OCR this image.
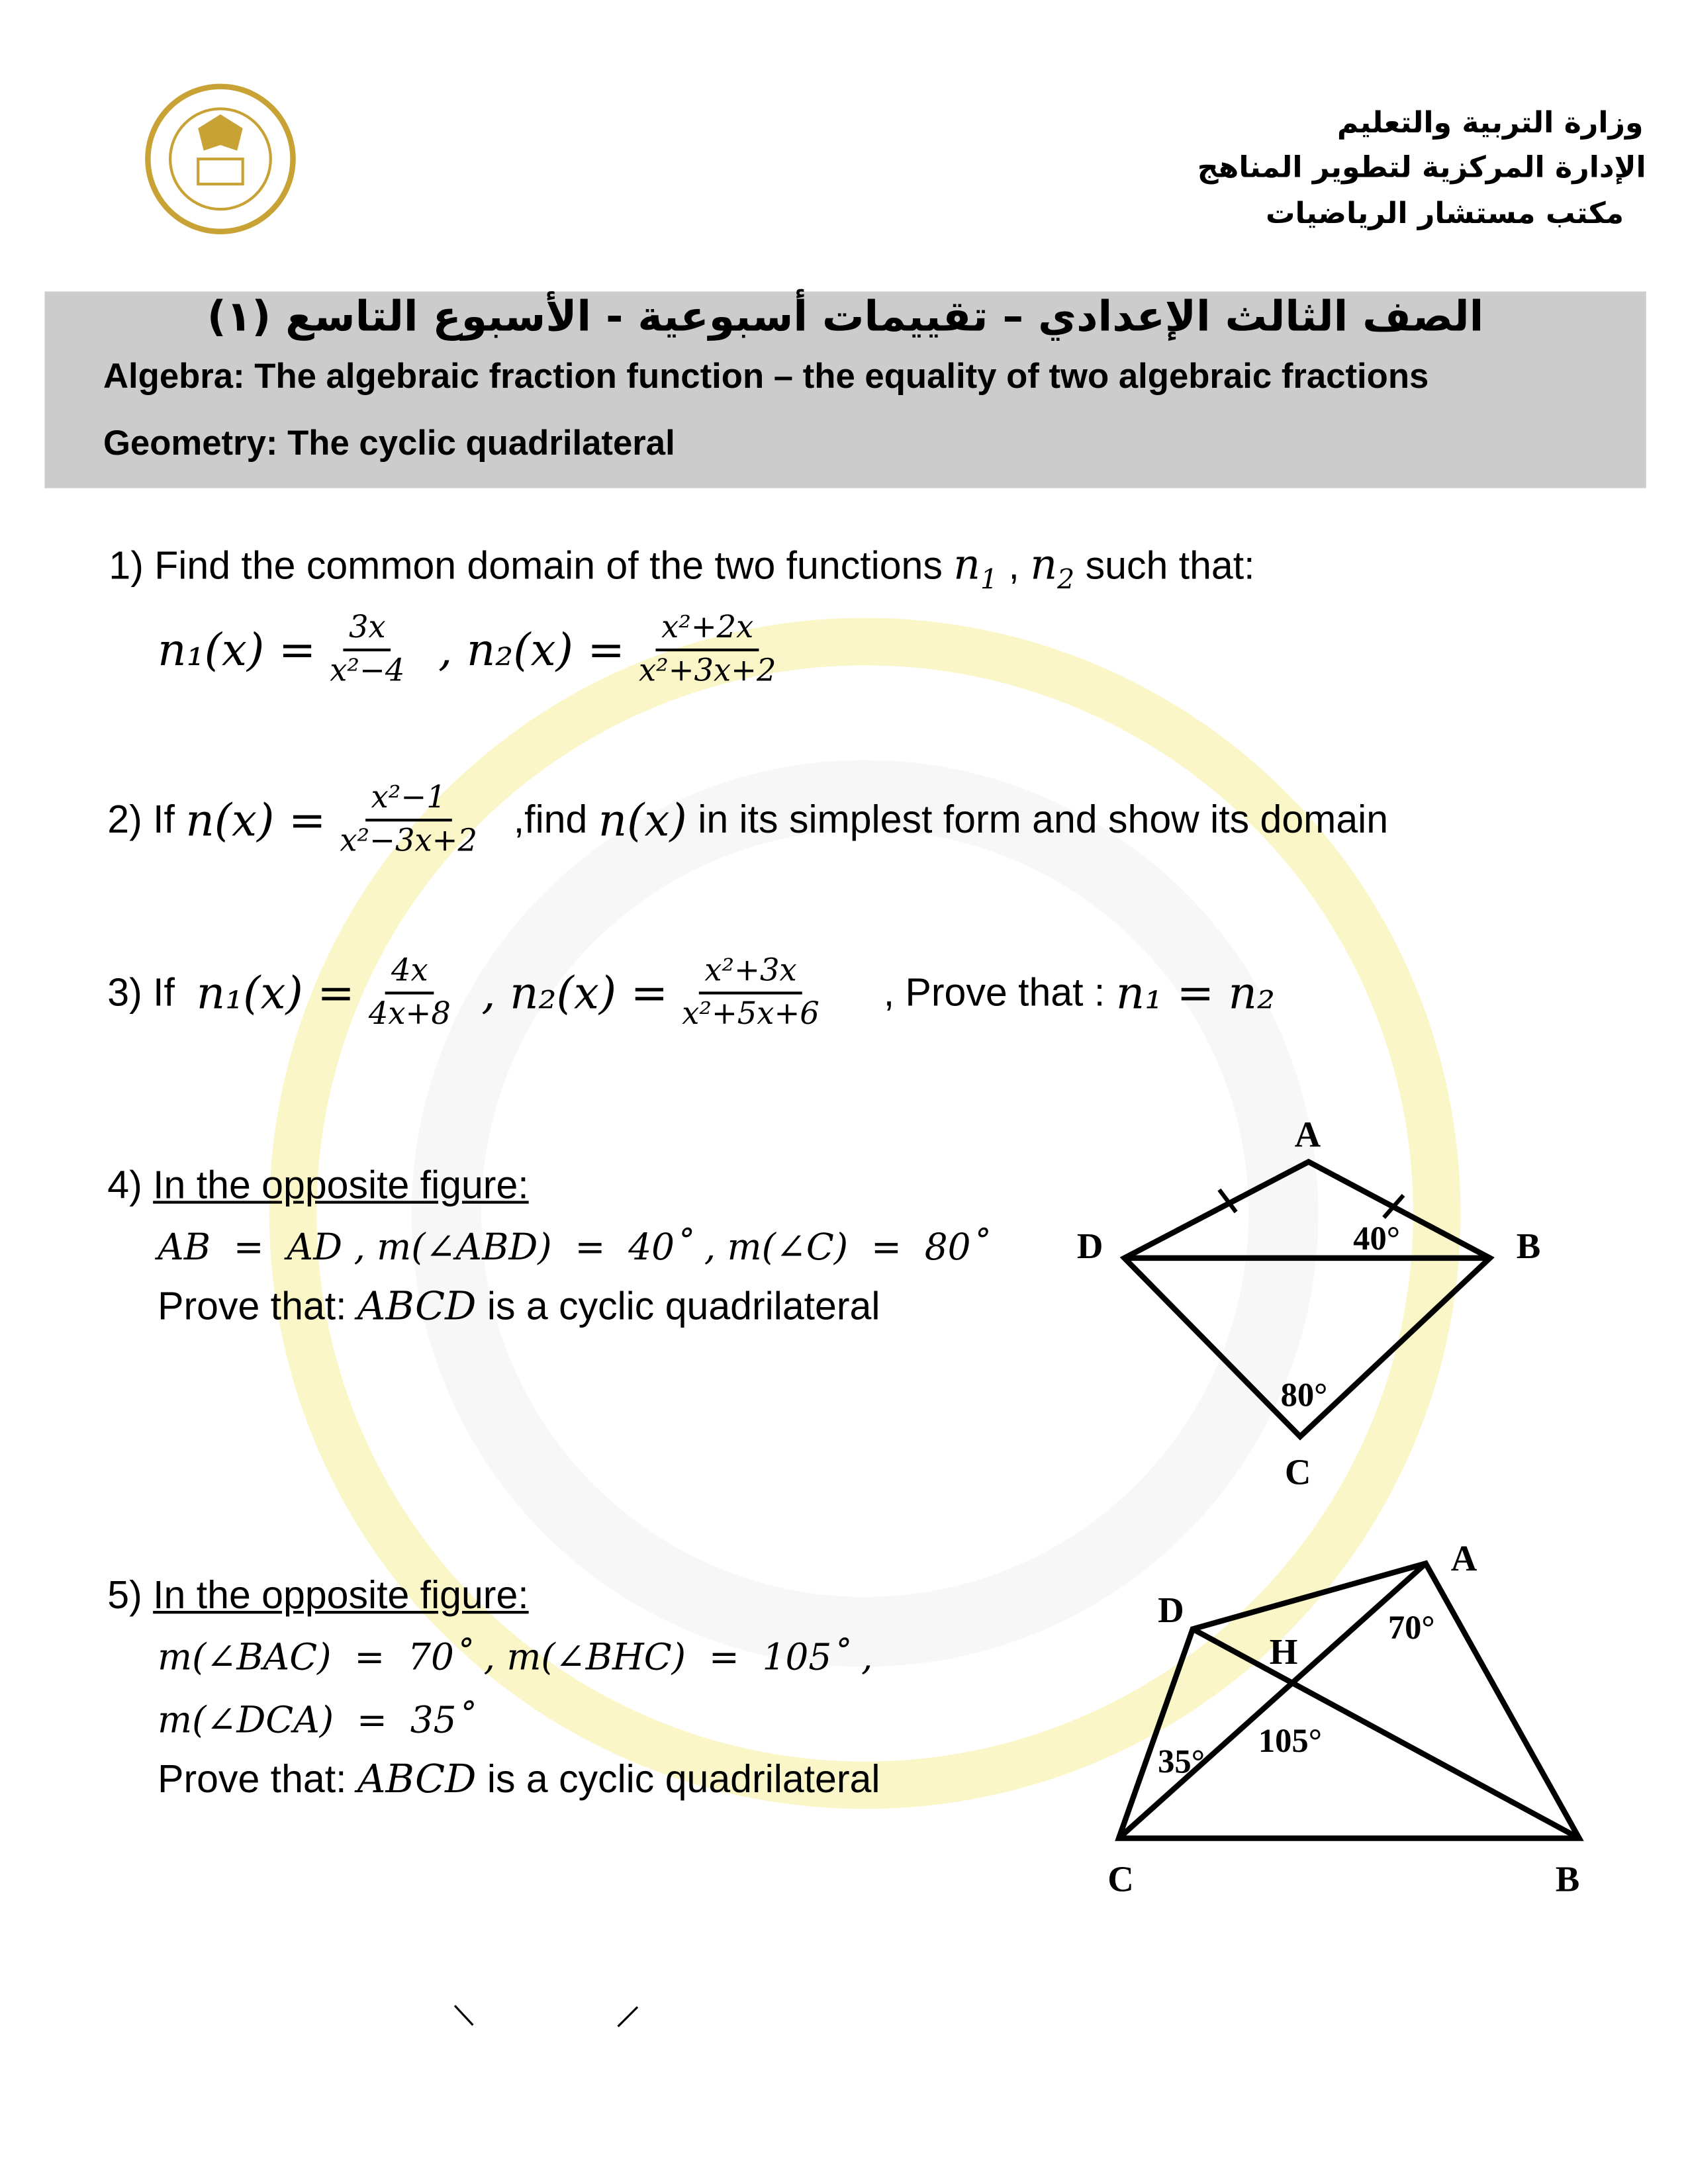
وزارة التربية والتعليم
الإدارة المركزية لتطوير المناهج
مكتب مستشار الرياضيات
الصف الثالث الإعدادي – تقييمات أسبوعية - الأسبوع التاسع (١)
Algebra: The algebraic fraction function – the equality of two algebraic fractions
Geometry: The cyclic quadrilateral
1) Find the common domain of the two functions $n_1$ , $n_2$ such that:
$n_1(x) = \frac{3x}{\text{x²−4}}$ , $n_2(x) = \frac{\text{x²+2x}}{\text{x²+3x+2}}$
2) If
$n(x) = \frac{\text{x²−1}}{\text{x²−3x+2}}$ ,find
n(x)
in its simplest form and show its domain
3) If
$n_1(x) = \frac{4x}{4x+8}$ , $n_2(x) = \frac{\text{x²+3x}}{\text{x²+5x+6}}$	, Prove that :
n₁ = n₂
4) In the opposite figure:
AB  =  AD , m(∠ABD)  =  40˚ , m(∠C)  =  80˚
Prove that: ABCD is a cyclic quadrilateral
5) In the opposite figure:
m(∠BAC)  =  70˚ , m(∠BHC)  =  105˚ ,
m(∠DCA)  =  35˚
Prove that: ABCD is a cyclic quadrilateral
A
D	B
C
40°
80°
A
D
H
C	B
70°
105°
35°
